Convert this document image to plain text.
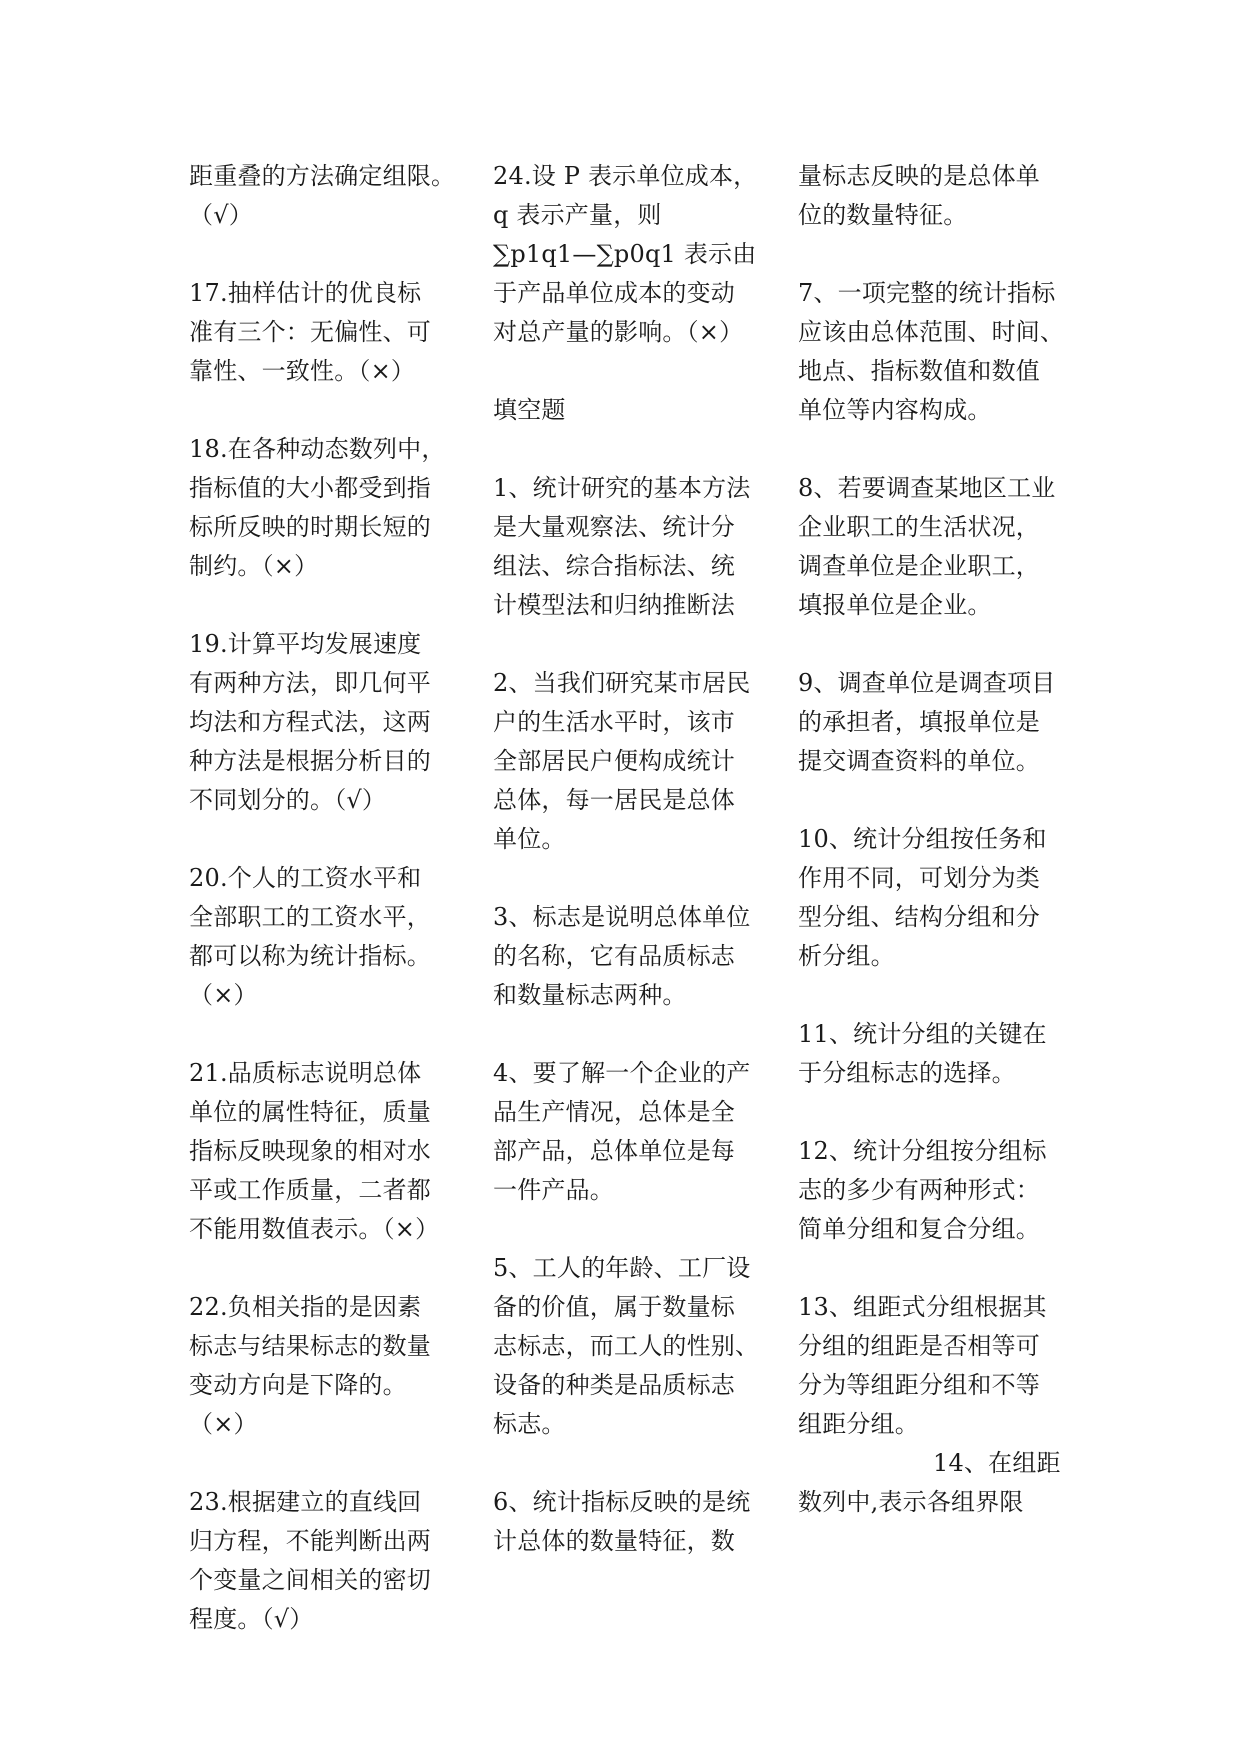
距重叠的方法确定组限。
（√）

17.抽样估计的优良标
准有三个：无偏性、可
靠性、一致性。（×）

18.在各种动态数列中，
指标值的大小都受到指
标所反映的时期长短的
制约。（×）

19.计算平均发展速度
有两种方法，即几何平
均法和方程式法，这两
种方法是根据分析目的
不同划分的。（√）

20.个人的工资水平和
全部职工的工资水平，
都可以称为统计指标。
（×）

21.品质标志说明总体
单位的属性特征，质量
指标反映现象的相对水
平或工作质量，二者都
不能用数值表示。（×）

22.负相关指的是因素
标志与结果标志的数量
变动方向是下降的。
（×）

23.根据建立的直线回
归方程，不能判断出两
个变量之间相关的密切
程度。（√）

24.设 P 表示单位成本，
q 表示产量，则
∑p1q1—∑p0q1 表示由
于产品单位成本的变动
对总产量的影响。（×）

填空题

1、统计研究的基本方法
是大量观察法、统计分
组法、综合指标法、统
计模型法和归纳推断法

2、当我们研究某市居民
户的生活水平时，该市
全部居民户便构成统计
总体，每一居民是总体
单位。

3、标志是说明总体单位
的名称，它有品质标志
和数量标志两种。

4、要了解一个企业的产
品生产情况，总体是全
部产品，总体单位是每
一件产品。

5、工人的年龄、工厂设
备的价值，属于数量标
志标志，而工人的性别、
设备的种类是品质标志
标志。

6、统计指标反映的是统
计总体的数量特征，数

量标志反映的是总体单
位的数量特征。

7、一项完整的统计指标
应该由总体范围、时间、
地点、指标数值和数值
单位等内容构成。

8、若要调查某地区工业
企业职工的生活状况，
调查单位是企业职工，
填报单位是企业。

9、调查单位是调查项目
的承担者，填报单位是
提交调查资料的单位。

10、统计分组按任务和
作用不同，可划分为类
型分组、结构分组和分
析分组。

11、统计分组的关键在
于分组标志的选择。

12、统计分组按分组标
志的多少有两种形式：
简单分组和复合分组。

13、组距式分组根据其
分组的组距是否相等可
分为等组距分组和不等
组距分组。

14、在组距
数列中,表示各组界限
